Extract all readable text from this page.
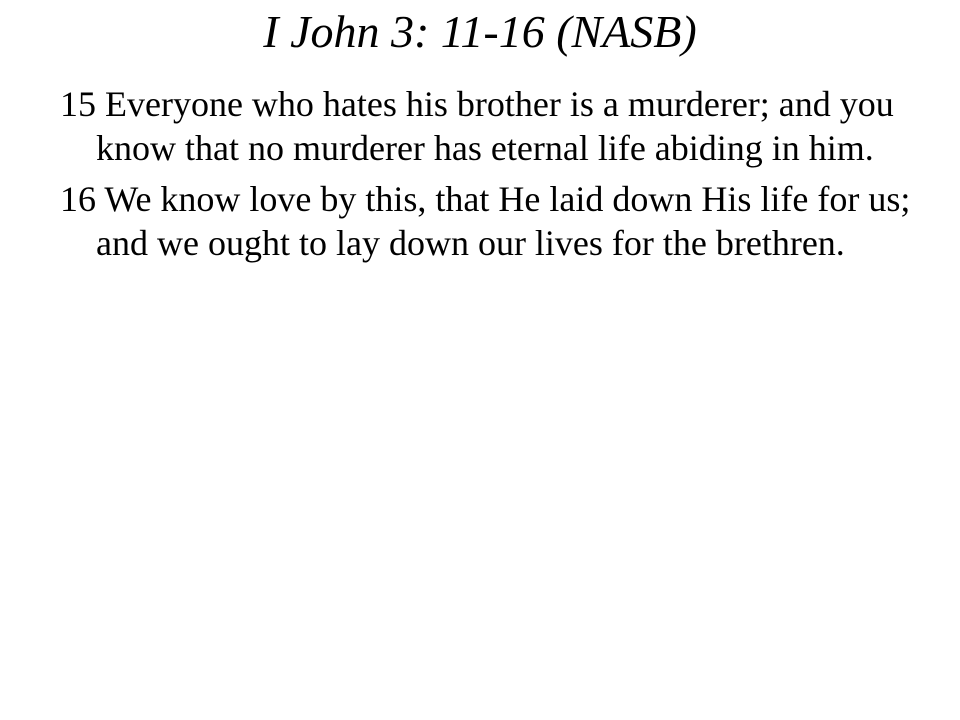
I John 3: 11-16 (NASB)

15 Everyone who hates his brother is a murderer; and you know that no murderer has eternal life abiding in him.

16 We know love by this, that He laid down His life for us; and we ought to lay down our lives for the brethren.
